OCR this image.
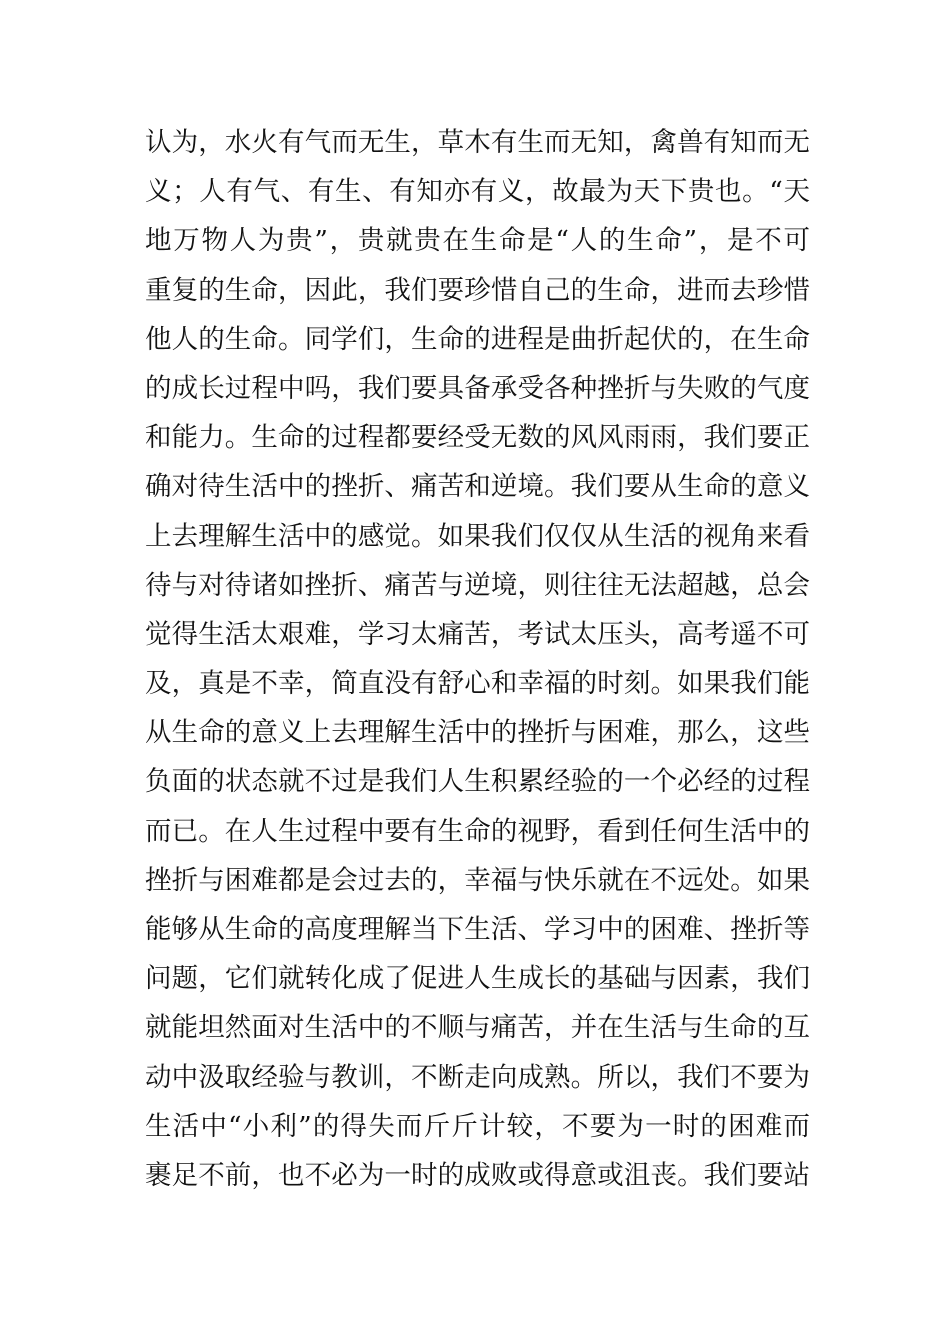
认为，水火有气而无生，草木有生而无知，禽兽有知而无
义；人有气、有生、有知亦有义，故最为天下贵也。“天
地万物人为贵”，贵就贵在生命是“人的生命”，是不可
重复的生命，因此，我们要珍惜自己的生命，进而去珍惜
他人的生命。同学们，生命的进程是曲折起伏的，在生命
的成长过程中吗，我们要具备承受各种挫折与失败的气度
和能力。生命的过程都要经受无数的风风雨雨，我们要正
确对待生活中的挫折、痛苦和逆境。我们要从生命的意义
上去理解生活中的感觉。如果我们仅仅从生活的视角来看
待与对待诸如挫折、痛苦与逆境，则往往无法超越，总会
觉得生活太艰难，学习太痛苦，考试太压头，高考遥不可
及，真是不幸，简直没有舒心和幸福的时刻。如果我们能
从生命的意义上去理解生活中的挫折与困难，那么，这些
负面的状态就不过是我们人生积累经验的一个必经的过程
而已。在人生过程中要有生命的视野，看到任何生活中的
挫折与困难都是会过去的，幸福与快乐就在不远处。如果
能够从生命的高度理解当下生活、学习中的困难、挫折等
问题，它们就转化成了促进人生成长的基础与因素，我们
就能坦然面对生活中的不顺与痛苦，并在生活与生命的互
动中汲取经验与教训，不断走向成熟。所以，我们不要为
生活中“小利”的得失而斤斤计较，不要为一时的困难而
裹足不前，也不必为一时的成败或得意或沮丧。我们要站
